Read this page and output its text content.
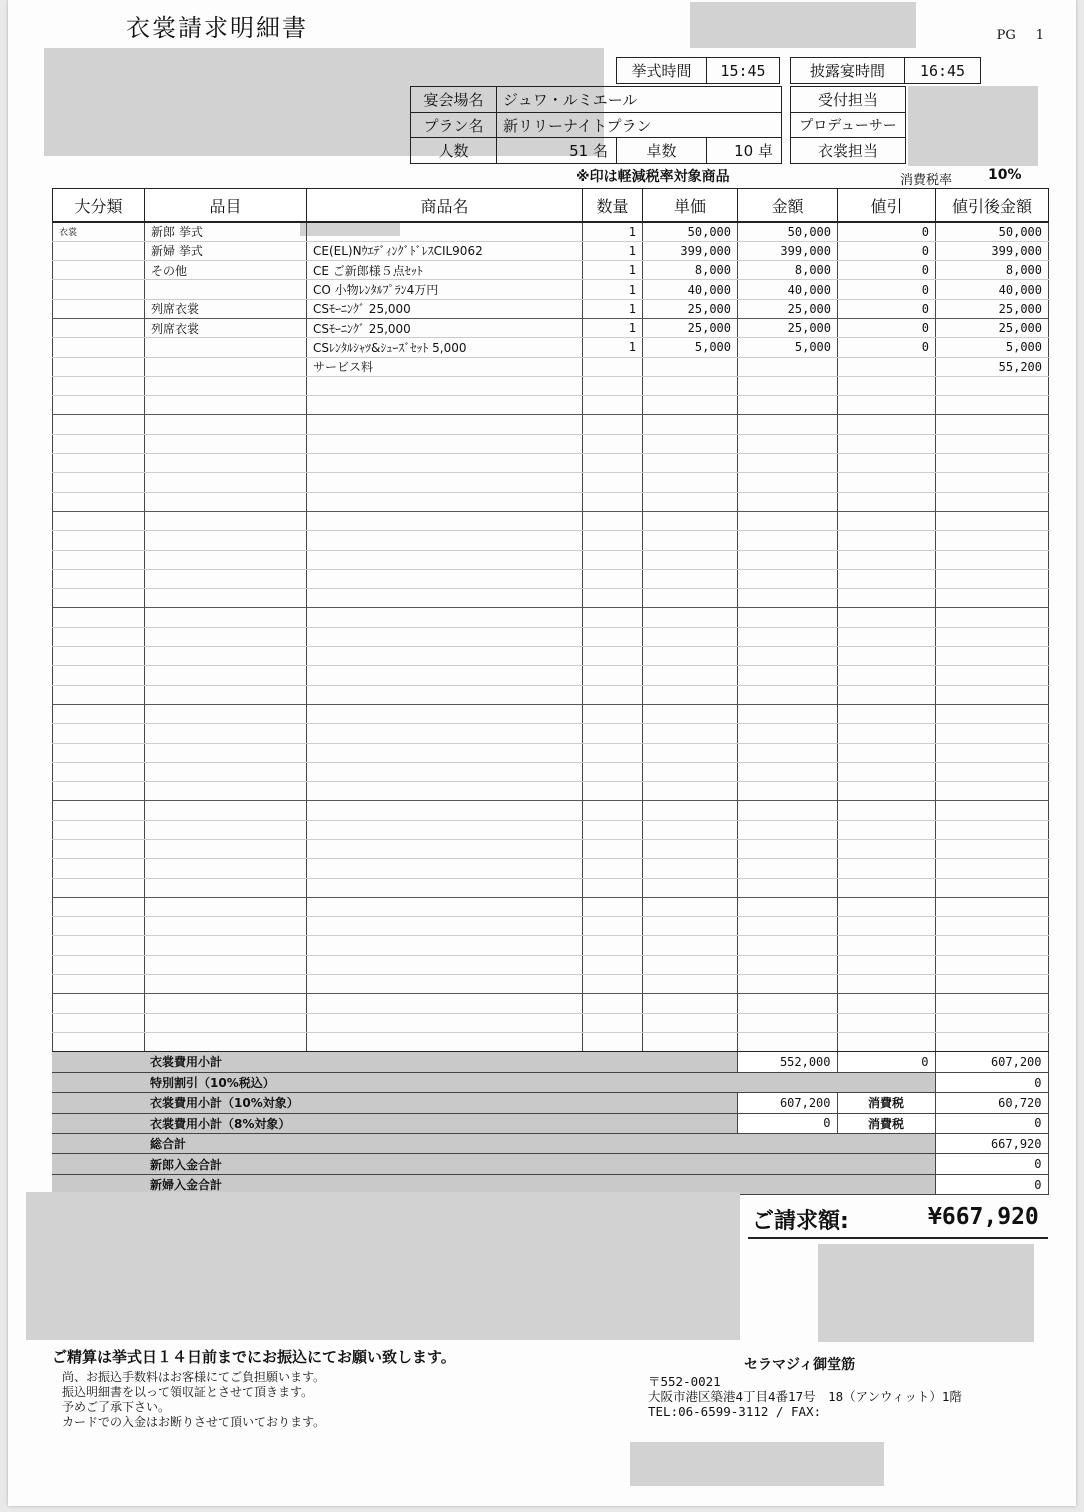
衣裳請求明細書	PG 1
挙式時間	15:45	披露宴時間	16:45
宴会場名	ジュワ・ルミエール
プラン名	新リリーナイトプラン
人数	51 名	卓数	10 卓
受付担当
プロデューサー
衣裳担当
※印は軽減税率対象商品	消費税率	10%
大分類	品目	商品名	数量	単価	金額	値引	値引後金額
衣裳	新郎 挙式		1	50,000	50,000	0	50,000
	新婦 挙式	CE(EL)NｳｴﾃﾞｨﾝｸﾞﾄﾞﾚｽCIL9062	1	399,000	399,000	0	399,000
	その他	CE ご新郎様５点ｾｯﾄ	1	8,000	8,000	0	8,000
		CO 小物ﾚﾝﾀﾙﾌﾟﾗﾝ4万円	1	40,000	40,000	0	40,000
	列席衣裳	CSﾓｰﾆﾝｸﾞ 25,000	1	25,000	25,000	0	25,000
	列席衣裳	CSﾓｰﾆﾝｸﾞ 25,000	1	25,000	25,000	0	25,000
		CSﾚﾝﾀﾙｼｬﾂ&ｼｭｰｽﾞｾｯﾄ 5,000	1	5,000	5,000	0	5,000
		サービス料					55,200

	衣裳費用小計	552,000	0	607,200
	特別割引（10%税込）			0
	衣裳費用小計（10%対象）	607,200	消費税	60,720
	衣裳費用小計（8%対象）	0	消費税	0
	総合計			667,920
	新郎入金合計			0
	新婦入金合計			0
ご請求額:	¥667,920
ご精算は挙式日１４日前までにお振込にてお願い致します。
尚、お振込手数料はお客様にてご負担願います。
振込明細書を以って領収証とさせて頂きます。
予めご了承下さい。
カードでの入金はお断りさせて頂いております。
セラマジィ御堂筋
〒552-0021
大阪市港区築港4丁目4番17号　18（アンウィット）1階
TEL:06-6599-3112 / FAX:
